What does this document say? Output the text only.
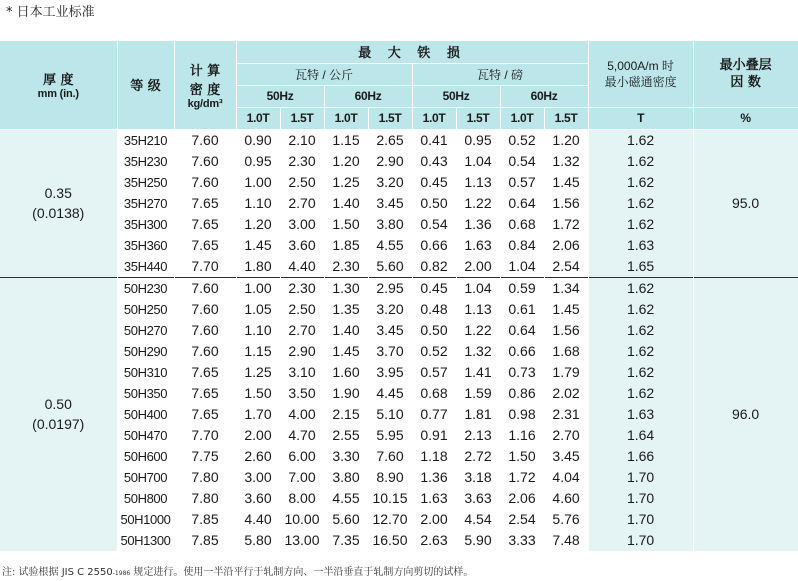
* 日本工业标准
厚 度
mm (in.)	等 级	计 算
密 度
kg/dm³	最 大 铁 损								5,000A/m 时
最小磁通密度	最小叠层
因 数

			瓦特 / 公斤				瓦特 / 磅					
			50Hz		60Hz		50Hz		60Hz			
			1.0T	1.5T	1.0T	1.5T	1.0T	1.5T	1.0T	1.5T	T	%

0.35
(0.0138)	35H210	7.60	0.90	2.10	1.15	2.65	0.41	0.95	0.52	1.20	1.62	95.0
	35H230	7.60	0.95	2.30	1.20	2.90	0.43	1.04	0.54	1.32	1.62	
	35H250	7.60	1.00	2.50	1.25	3.20	0.45	1.13	0.57	1.45	1.62	
	35H270	7.65	1.10	2.70	1.40	3.45	0.50	1.22	0.64	1.56	1.62	
	35H300	7.65	1.20	3.00	1.50	3.80	0.54	1.36	0.68	1.72	1.62	
	35H360	7.65	1.45	3.60	1.85	4.55	0.66	1.63	0.84	2.06	1.63	
	35H440	7.70	1.80	4.40	2.30	5.60	0.82	2.00	1.04	2.54	1.65	

0.50
(0.0197)	50H230	7.60	1.00	2.30	1.30	2.95	0.45	1.04	0.59	1.34	1.62	96.0
	50H250	7.60	1.05	2.50	1.35	3.20	0.48	1.13	0.61	1.45	1.62	
	50H270	7.60	1.10	2.70	1.40	3.45	0.50	1.22	0.64	1.56	1.62	
	50H290	7.60	1.15	2.90	1.45	3.70	0.52	1.32	0.66	1.68	1.62	
	50H310	7.65	1.25	3.10	1.60	3.95	0.57	1.41	0.73	1.79	1.62	
	50H350	7.65	1.50	3.50	1.90	4.45	0.68	1.59	0.86	2.02	1.62	
	50H400	7.65	1.70	4.00	2.15	5.10	0.77	1.81	0.98	2.31	1.63	
	50H470	7.70	2.00	4.70	2.55	5.95	0.91	2.13	1.16	2.70	1.64	
	50H600	7.75	2.60	6.00	3.30	7.60	1.18	2.72	1.50	3.45	1.66	
	50H700	7.80	3.00	7.00	3.80	8.90	1.36	3.18	1.72	4.04	1.70	
	50H800	7.80	3.60	8.00	4.55	10.15	1.63	3.63	2.06	4.60	1.70	
	50H1000	7.85	4.40	10.00	5.60	12.70	2.00	4.54	2.54	5.76	1.70	
	50H1300	7.85	5.80	13.00	7.35	16.50	2.63	5.90	3.33	7.48	1.70	
注: 试验根据 JIS C 2550-1986 规定进行。使用一半沿平行于轧制方向、一半沿垂直于轧制方向剪切的试样。
